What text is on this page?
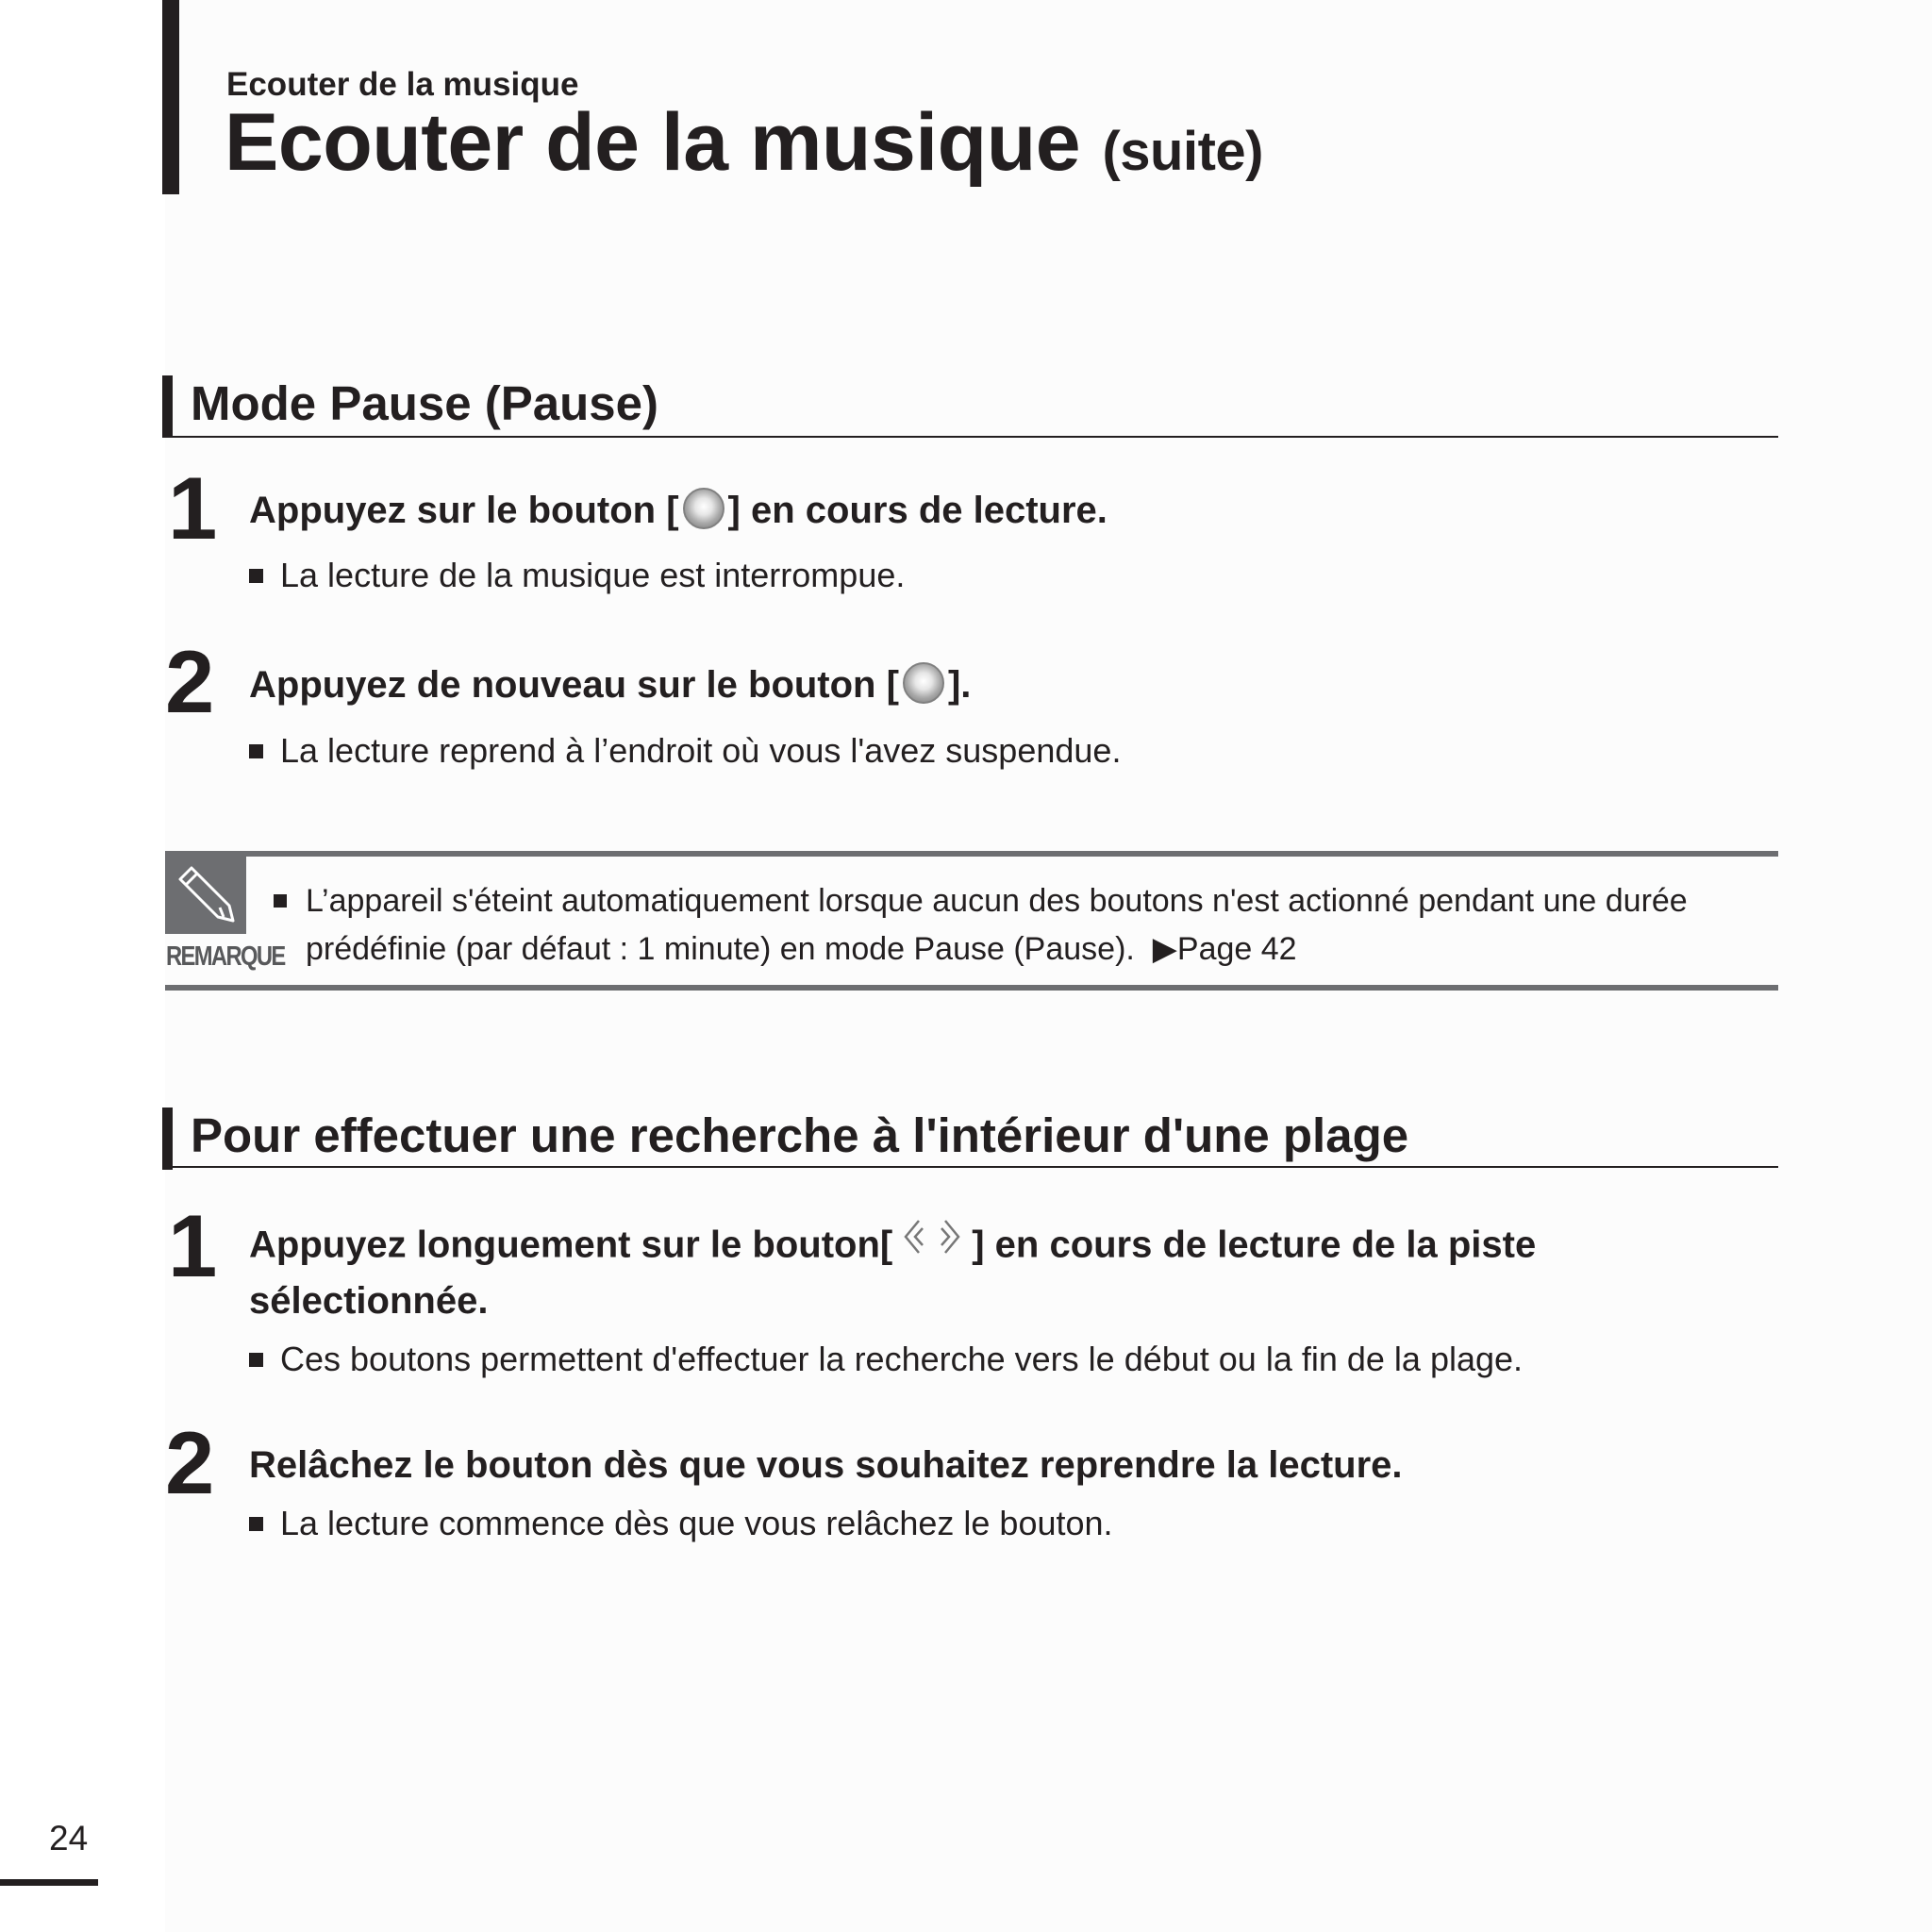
Ecouter de la musique
Ecouter de la musique (suite)
Mode Pause (Pause)
1 Appuyez sur le bouton [ ] en cours de lecture.
La lecture de la musique est interrompue.
2 Appuyez de nouveau sur le bouton [ ].
La lecture reprend à l’endroit où vous l'avez suspendue.
REMARQUE
L’appareil s'éteint automatiquement lorsque aucun des boutons n'est actionné pendant une durée
prédéfinie (par défaut : 1 minute) en mode Pause (Pause). ▶Page 42
Pour effectuer une recherche à l'intérieur d'une plage
1 Appuyez longuement sur le bouton[ ] en cours de lecture de la piste
sélectionnée.
Ces boutons permettent d'effectuer la recherche vers le début ou la fin de la plage.
2 Relâchez le bouton dès que vous souhaitez reprendre la lecture.
La lecture commence dès que vous relâchez le bouton.
24
